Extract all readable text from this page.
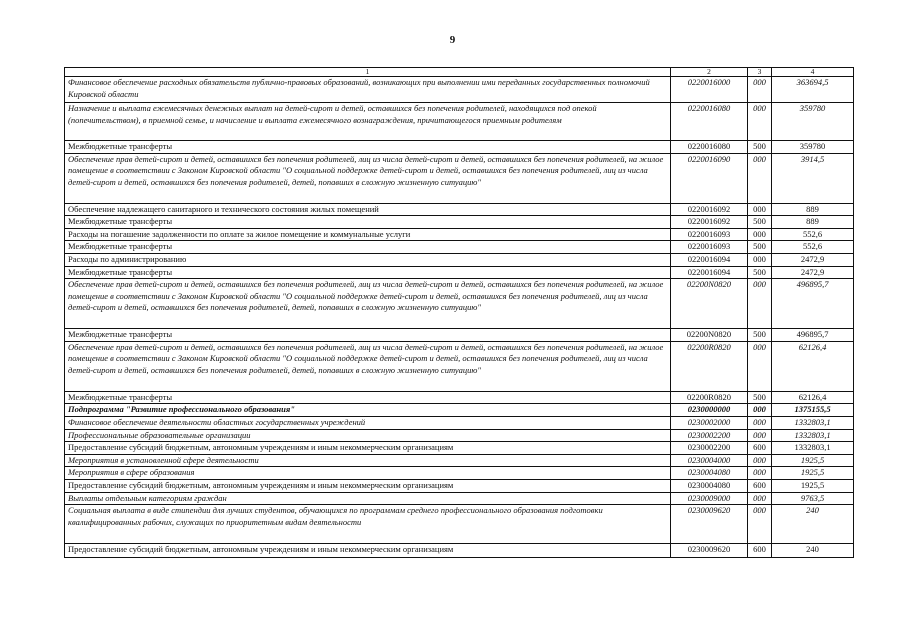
9
1	2	3	4
Финансовое обеспечение расходных обязательств публично-правовых образований, возникающих при выполнении ими переданных государственных полномочий Кировской области	0220016000	000	363694,5
Назначение и выплата ежемесячных денежных выплат на детей-сирот и детей, оставшихся без попечения родителей, находящихся под опекой (попечительством), в приемной семье, и начисление и выплата ежемесячного вознаграждения, причитающегося приемным родителям	0220016080	000	359780
Межбюджетные трансферты	0220016080	500	359780
Обеспечение прав детей-сирот и детей, оставшихся без попечения родителей, лиц из числа детей-сирот и детей, оставшихся без попечения родителей, на жилое помещение в соответствии с Законом Кировской области "О социальной поддержке детей-сирот и детей, оставшихся без попечения родителей, лиц из числа детей-сирот и детей, оставшихся без попечения родителей, детей, попавших в сложную жизненную ситуацию"	0220016090	000	3914,5
Обеспечение надлежащего санитарного и технического состояния жилых помещений	0220016092	000	889
Межбюджетные трансферты	0220016092	500	889
Расходы на погашение задолженности по оплате за жилое помещение и коммунальные услуги	0220016093	000	552,6
Межбюджетные трансферты	0220016093	500	552,6
Расходы по администрированию	0220016094	000	2472,9
Межбюджетные трансферты	0220016094	500	2472,9
Обеспечение прав детей-сирот и детей, оставшихся без попечения родителей, лиц из числа детей-сирот и детей, оставшихся без попечения родителей, на жилое помещение в соответствии с Законом Кировской области "О социальной поддержке детей-сирот и детей, оставшихся без попечения родителей, лиц из числа детей-сирот и детей, оставшихся без попечения родителей, детей, попавших в сложную жизненную ситуацию"	02200N0820	000	496895,7
Межбюджетные трансферты	02200N0820	500	496895,7
Обеспечение прав детей-сирот и детей, оставшихся без попечения родителей, лиц из числа детей-сирот и детей, оставшихся без попечения родителей, на жилое помещение в соответствии с Законом Кировской области "О социальной поддержке детей-сирот и детей, оставшихся без попечения родителей, лиц из числа детей-сирот и детей, оставшихся без попечения родителей, детей, попавших в сложную жизненную ситуацию"	02200R0820	000	62126,4
Межбюджетные трансферты	02200R0820	500	62126,4
Подпрограмма "Развитие профессионального образования"	0230000000	000	1375155,5
Финансовое обеспечение деятельности областных государственных учреждений	0230002000	000	1332803,1
Профессиональные образовательные организации	0230002200	000	1332803,1
Предоставление субсидий бюджетным, автономным учреждениям и иным некоммерческим организациям	0230002200	600	1332803,1
Мероприятия в установленной сфере деятельности	0230004000	000	1925,5
Мероприятия в сфере образования	0230004080	000	1925,5
Предоставление субсидий бюджетным, автономным учреждениям и иным некоммерческим организациям	0230004080	600	1925,5
Выплаты отдельным категориям граждан	0230009000	000	9763,5
Социальная выплата в виде стипендии для лучших студентов, обучающихся по программам среднего профессионального образования подготовки квалифицированных рабочих, служащих по приоритетным видам деятельности	0230009620	000	240
Предоставление субсидий бюджетным, автономным учреждениям и иным некоммерческим организациям	0230009620	600	240
